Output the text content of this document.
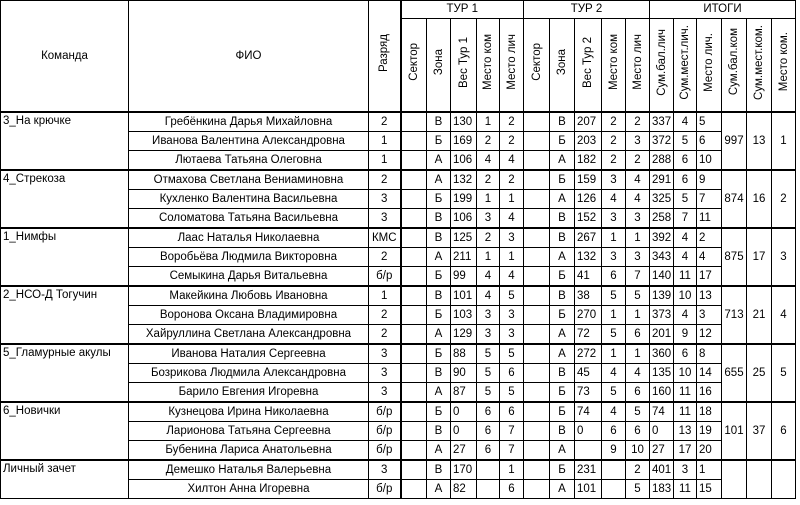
Команда	ФИО	Разряд	ТУР 1					ТУР 2					ИТОГИ					
			Сектор	Зона	Вес Тур 1	Место ком	Место лич	Сектор	Зона	Вес Тур 2	Место ком	Место лич	Сум.бал.лич	Сум.мест.лич.	Место лич.	Сум.бал.ком	Сум.мест.ком.	Место ком.
3_На крючке	Гребёнкина Дарья Михайловна	2		В	130	1	2		В	207	2	2	337	4	5	997	13	1
	Иванова Валентина Александровна	1		Б	169	2	2		Б	203	2	3	372	5	6			
	Лютаева Татьяна Олеговна	1		А	106	4	4		А	182	2	2	288	6	10			
4_Стрекоза	Отмахова Светлана Вениаминовна	2		А	132	2	2		Б	159	3	4	291	6	9	874	16	2
	Кухленко Валентина Васильевна	3		Б	199	1	1		А	126	4	4	325	5	7			
	Соломатова Татьяна Васильевна	3		В	106	3	4		В	152	3	3	258	7	11			
1_Нимфы	Лаас Наталья Николаевна	КМС		В	125	2	3		В	267	1	1	392	4	2	875	17	3
	Воробьёва Людмила Викторовна	2		А	211	1	1		А	132	3	3	343	4	4			
	Семыкина Дарья Витальевна	б/р		Б	99	4	4		Б	41	6	7	140	11	17			
2_НСО-Д Тогучин	Макейкина Любовь Ивановна	1		В	101	4	5		В	38	5	5	139	10	13	713	21	4
	Воронова Оксана Владимировна	2		Б	103	3	3		Б	270	1	1	373	4	3			
	Хайруллина Светлана Александровна	2		А	129	3	3		А	72	5	6	201	9	12			
5_Гламурные акулы	Иванова Наталия Сергеевна	3		Б	88	5	5		А	272	1	1	360	6	8	655	25	5
	Бозрикова Людмила Александровна	3		В	90	5	6		В	45	4	4	135	10	14			
	Барило Евгения Игоревна	3		А	87	5	5		Б	73	5	6	160	11	16			
6_Новички	Кузнецова Ирина Николаевна	б/р		Б	0	6	6		Б	74	4	5	74	11	18	101	37	6
	Ларионова Татьяна Сергеевна	б/р		В	0	6	7		В	0	6	6	0	13	19			
	Бубенина Лариса Анатольевна	б/р		А	27	6	7		А		9	10	27	17	20			
Личный зачет	Демешко Наталья Валерьевна	3		В	170		1		Б	231		2	401	3	1			
	Хилтон Анна Игоревна	б/р		А	82		6		А	101		5	183	11	15			
